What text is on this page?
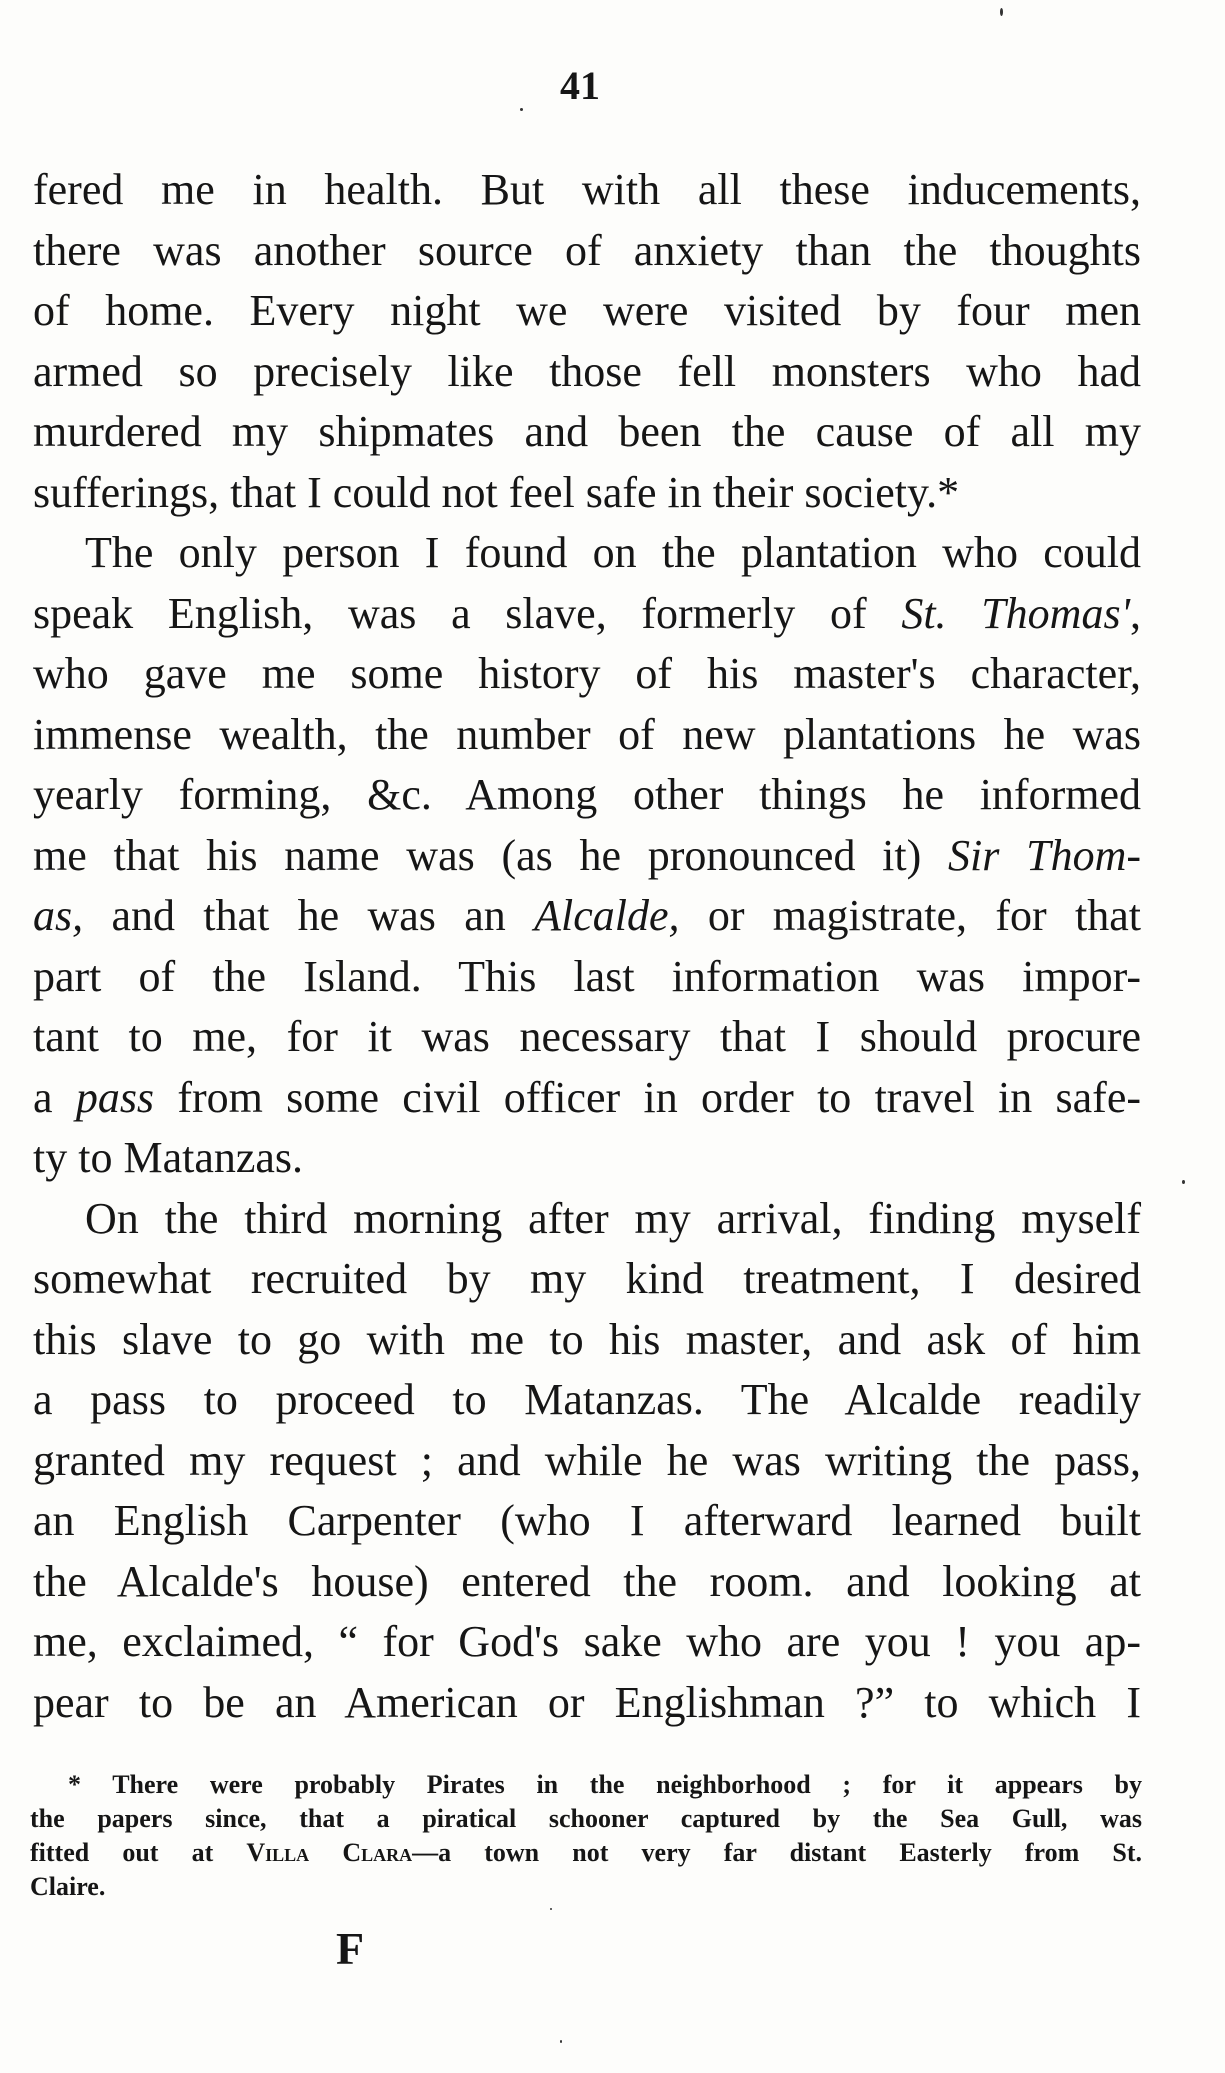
41
fered me in health. But with all these inducements,
there was another source of anxiety than the thoughts
of home. Every night we were visited by four men
armed so precisely like those fell monsters who had
murdered my shipmates and been the cause of all my
sufferings, that I could not feel safe in their society.*
The only person I found on the plantation who could
speak English, was a slave, formerly of St. Thomas',
who gave me some history of his master's character,
immense wealth, the number of new plantations he was
yearly forming, &c. Among other things he informed
me that his name was (as he pronounced it) Sir Thom-
as, and that he was an Alcalde, or magistrate, for that
part of the Island. This last information was impor-
tant to me, for it was necessary that I should procure
a pass from some civil officer in order to travel in safe-
ty to Matanzas.
On the third morning after my arrival, finding myself
somewhat recruited by my kind treatment, I desired
this slave to go with me to his master, and ask of him
a pass to proceed to Matanzas. The Alcalde readily
granted my request ; and while he was writing the pass,
an English Carpenter (who I afterward learned built
the Alcalde's house) entered the room. and looking at
me, exclaimed, “ for God's sake who are you ! you ap-
pear to be an American or Englishman ?” to which I
* There were probably Pirates in the neighborhood ; for it appears by
the papers since, that a piratical schooner captured by the Sea Gull, was
fitted out at Villa Clara—a town not very far distant Easterly from St.
Claire.
F
